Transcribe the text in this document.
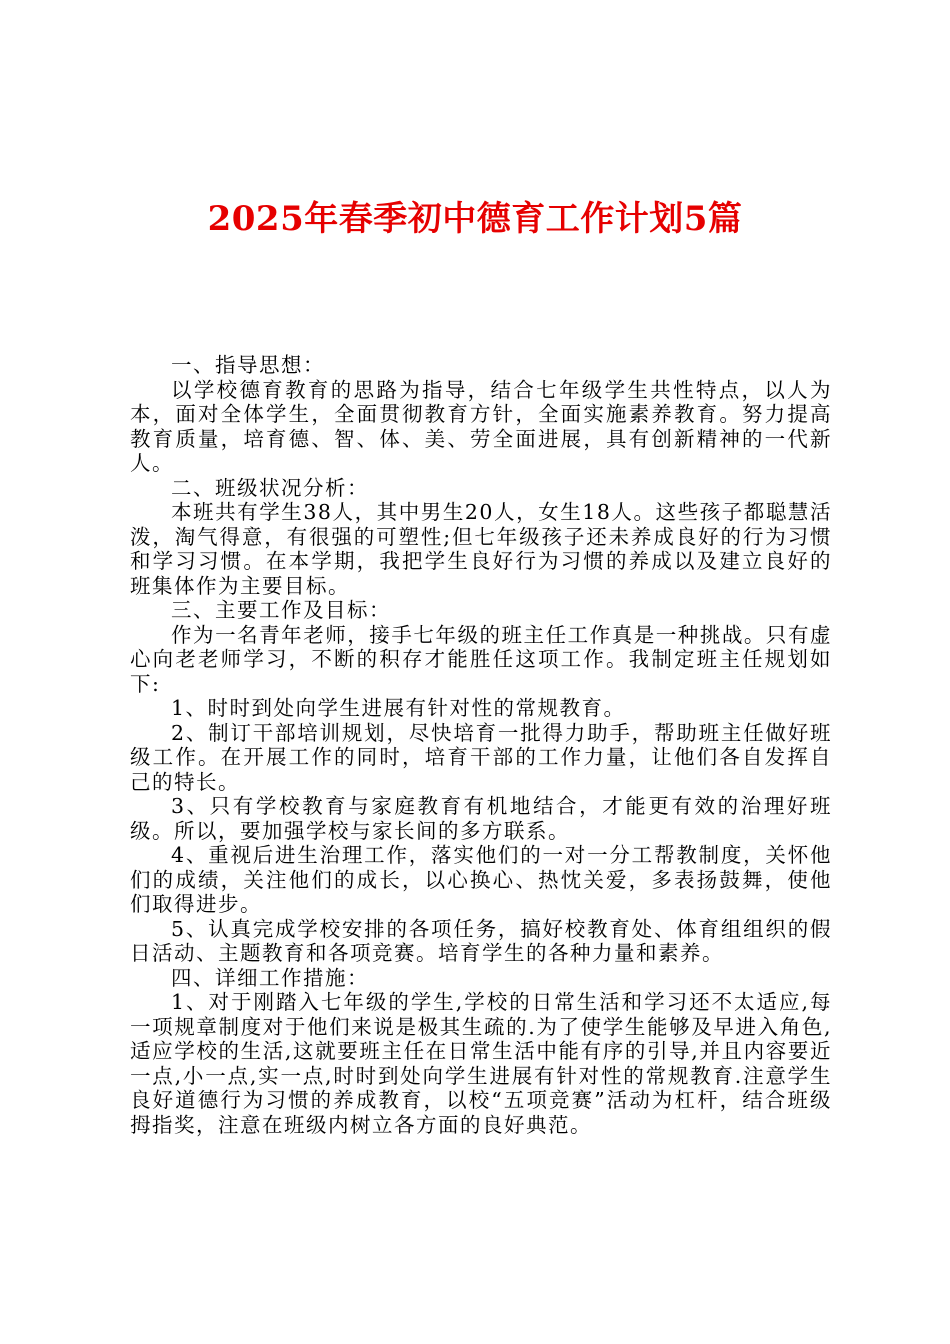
2025年春季初中德育工作计划5篇

一、指导思想：

以学校德育教育的思路为指导，结合七年级学生共性特点，以人为本，面对全体学生，全面贯彻教育方针，全面实施素养教育。努力提高教育质量，培育德、智、体、美、劳全面进展，具有创新精神的一代新人。

二、班级状况分析：

本班共有学生38人，其中男生20人，女生18人。这些孩子都聪慧活泼，淘气得意，有很强的可塑性;但七年级孩子还未养成良好的行为习惯和学习习惯。在本学期，我把学生良好行为习惯的养成以及建立良好的班集体作为主要目标。

三、主要工作及目标：

作为一名青年老师，接手七年级的班主任工作真是一种挑战。只有虚心向老老师学习，不断的积存才能胜任这项工作。我制定班主任规划如下:

1、时时到处向学生进展有针对性的常规教育。

2、制订干部培训规划，尽快培育一批得力助手，帮助班主任做好班级工作。在开展工作的同时，培育干部的工作力量，让他们各自发挥自己的特长。

3、只有学校教育与家庭教育有机地结合，才能更有效的治理好班级。所以，要加强学校与家长间的多方联系。

4、重视后进生治理工作，落实他们的一对一分工帮教制度，关怀他们的成绩，关注他们的成长，以心换心、热忱关爱，多表扬鼓舞，使他们取得进步。

5、认真完成学校安排的各项任务，搞好校教育处、体育组组织的假日活动、主题教育和各项竞赛。培育学生的各种力量和素养。

四、详细工作措施：

1、对于刚踏入七年级的学生,学校的日常生活和学习还不太适应,每一项规章制度对于他们来说是极其生疏的.为了使学生能够及早进入角色,适应学校的生活,这就要班主任在日常生活中能有序的引导,并且内容要近一点,小一点,实一点,时时到处向学生进展有针对性的常规教育.注意学生良好道德行为习惯的养成教育，以校“五项竞赛”活动为杠杆，结合班级拇指奖，注意在班级内树立各方面的良好典范。
